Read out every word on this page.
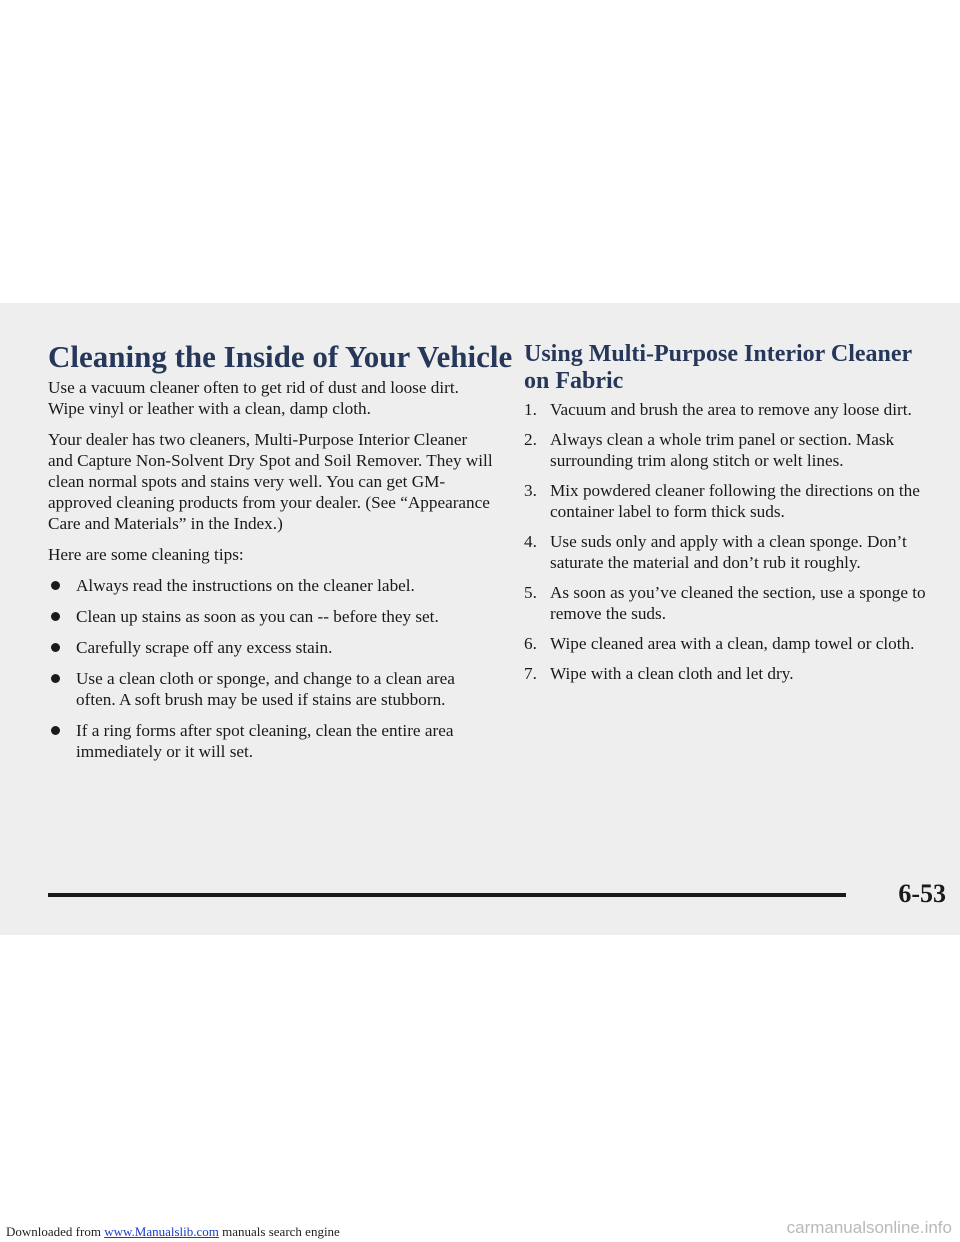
Cleaning the Inside of Your Vehicle

Use a vacuum cleaner often to get rid of dust and loose dirt. Wipe vinyl or leather with a clean, damp cloth.

Your dealer has two cleaners, Multi-Purpose Interior Cleaner and Capture Non-Solvent Dry Spot and Soil Remover. They will clean normal spots and stains very well. You can get GM-approved cleaning products from your dealer. (See “Appearance Care and Materials” in the Index.)

Here are some cleaning tips:

Always read the instructions on the cleaner label.
Clean up stains as soon as you can -- before they set.
Carefully scrape off any excess stain.
Use a clean cloth or sponge, and change to a clean area often. A soft brush may be used if stains are stubborn.
If a ring forms after spot cleaning, clean the entire area immediately or it will set.
Using Multi-Purpose Interior Cleaner on Fabric
1. Vacuum and brush the area to remove any loose dirt.
2. Always clean a whole trim panel or section. Mask surrounding trim along stitch or welt lines.
3. Mix powdered cleaner following the directions on the container label to form thick suds.
4. Use suds only and apply with a clean sponge. Don’t saturate the material and don’t rub it roughly.
5. As soon as you’ve cleaned the section, use a sponge to remove the suds.
6. Wipe cleaned area with a clean, damp towel or cloth.
7. Wipe with a clean cloth and let dry.

6-53

Downloaded from www.Manualslib.com manuals search engine	carmanualsonline.info
